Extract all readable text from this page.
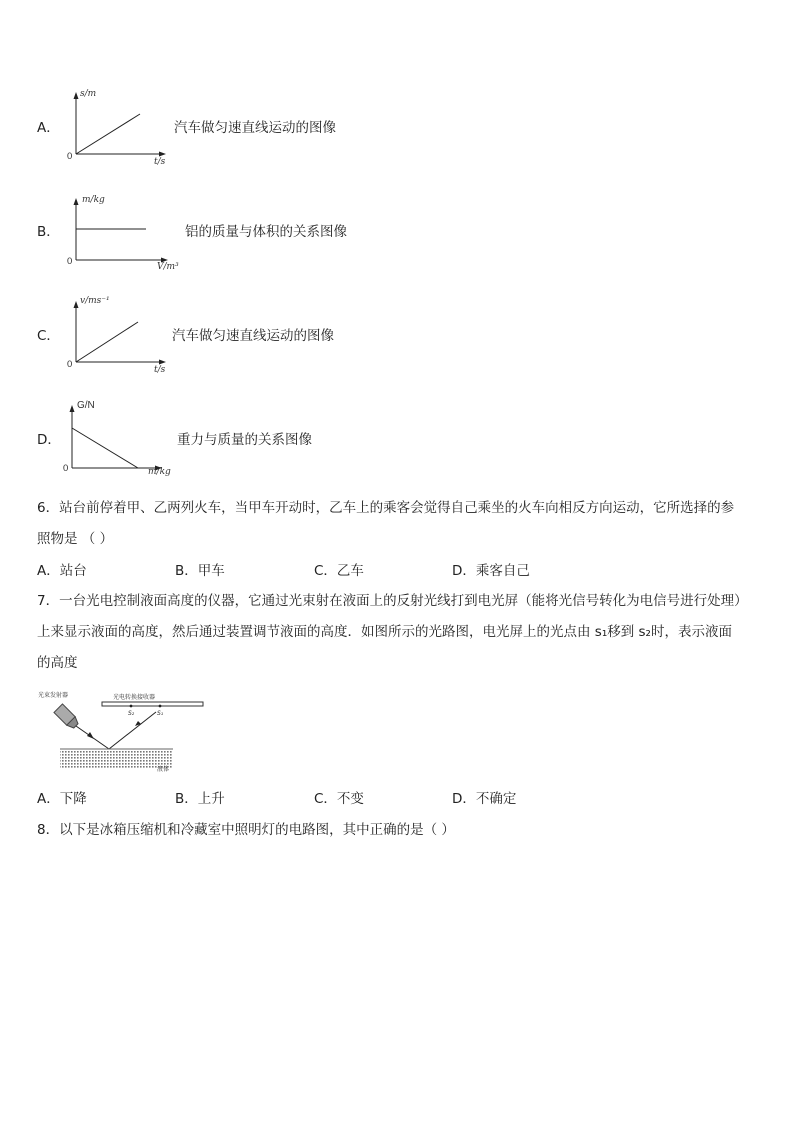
A．
s/m
t/s
0
汽车做匀速直线运动的图像
B．
m/kg
V/m³
0
铝的质量与体积的关系图像
C．
v/ms⁻¹
t/s
0
汽车做匀速直线运动的图像
D．
G/N
m/kg
0
重力与质量的关系图像
6．站台前停着甲、乙两列火车，当甲车开动时，乙车上的乘客会觉得自己乘坐的火车向相反方向运动，它所选择的参
照物是 （ ）
A．站台	B．甲车	C．乙车	D．乘客自己
7．一台光电控制液面高度的仪器，它通过光束射在液面上的反射光线打到电光屏（能将光信号转化为电信号进行处理）
上来显示液面的高度，然后通过装置调节液面的高度．如图所示的光路图，电光屏上的光点由 s₁移到 s₂时，表示液面
的高度
光束发射器	光电转换接收器
S₂	S₁
液体
A．下降	B．上升	C．不变	D．不确定
8．以下是冰箱压缩机和冷藏室中照明灯的电路图，其中正确的是（ ）
